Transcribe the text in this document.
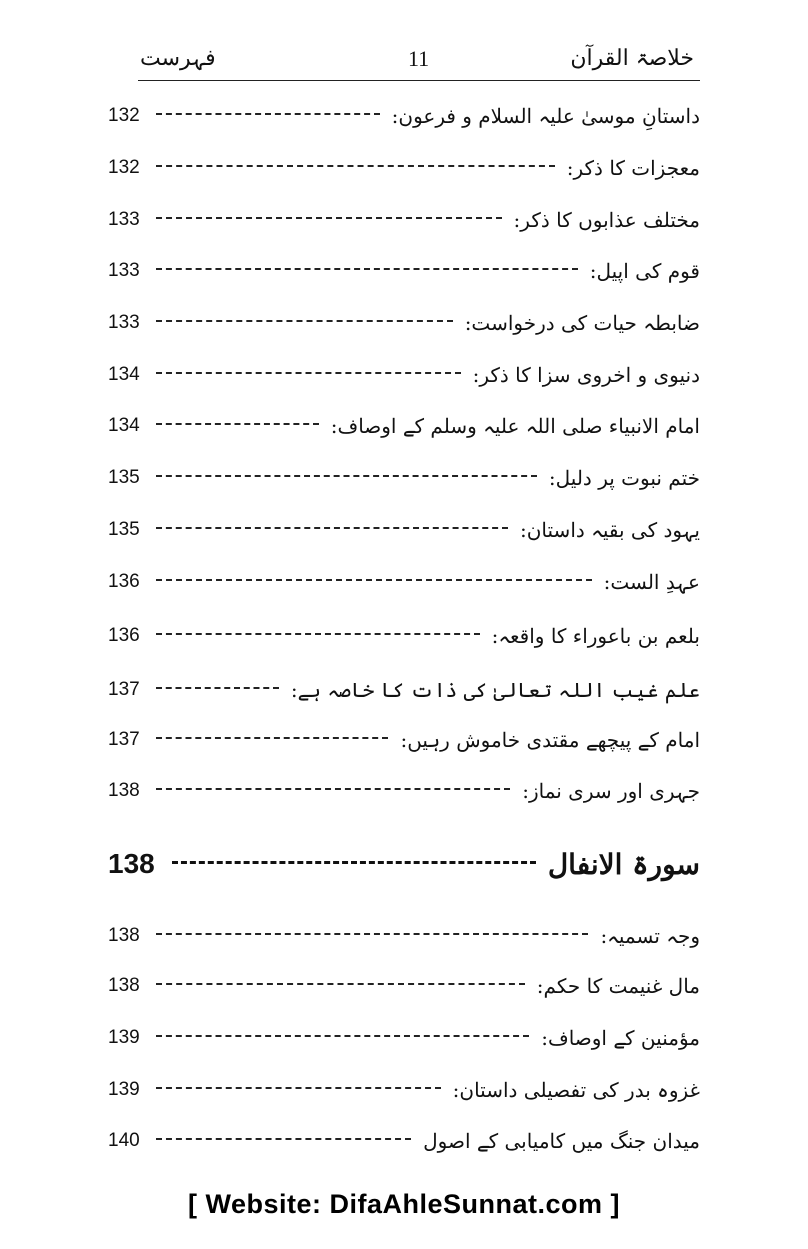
خلاصۃ القرآن
11
فہرست
داستانِ موسیٰ علیہ السلام و فرعون:
132
معجزات کا ذکر:
132
مختلف عذابوں کا ذکر:
133
قوم کی اپیل:
133
ضابطہ حیات کی درخواست:
133
دنیوی و اخروی سزا کا ذکر:
134
امام الانبیاء صلی اللہ علیہ وسلم کے اوصاف:
134
ختم نبوت پر دلیل:
135
یہود کی بقیہ داستان:
135
عہدِ الست:
136
بلعم بن باعوراء کا واقعہ:
136
علم غیب اللہ تعالیٰ کی ذات کا خاصہ ہے:
137
امام کے پیچھے مقتدی خاموش رہیں:
137
جہری اور سری نماز:
138
سورۃ الانفال
138
وجہ تسمیہ:
138
مال غنیمت کا حکم:
138
مؤمنین کے اوصاف:
139
غزوہ بدر کی تفصیلی داستان:
139
میدان جنگ میں کامیابی کے اصول
140
[ Website: DifaAhleSunnat.com ]
